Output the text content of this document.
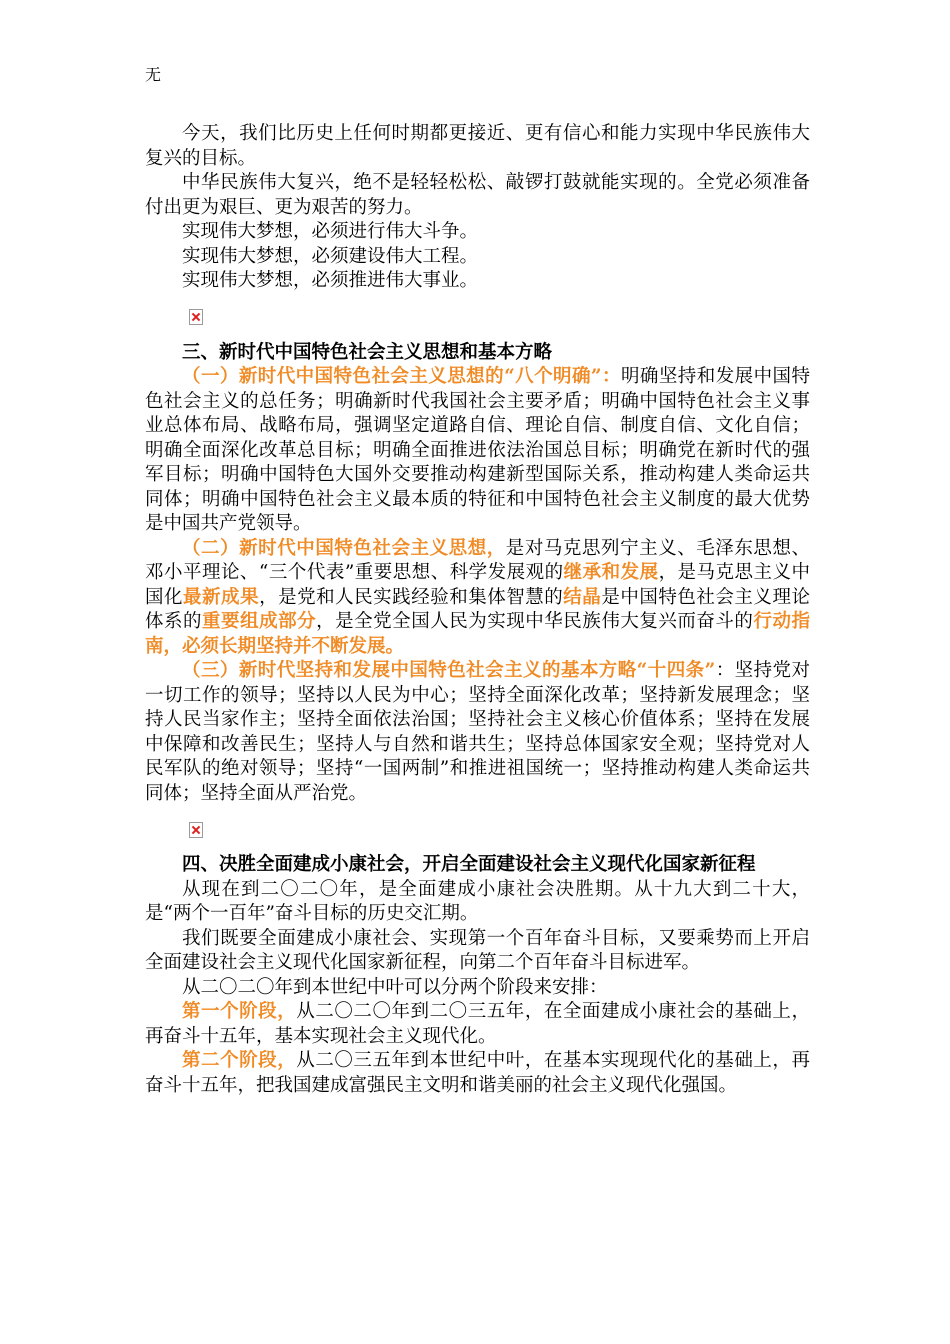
无

今天，我们比历史上任何时期都更接近、更有信心和能力实现中华民族伟大复兴的目标。

中华民族伟大复兴，绝不是轻轻松松、敲锣打鼓就能实现的。全党必须准备付出更为艰巨、更为艰苦的努力。

实现伟大梦想，必须进行伟大斗争。

实现伟大梦想，必须建设伟大工程。

实现伟大梦想，必须推进伟大事业。

三、新时代中国特色社会主义思想和基本方略

（一）新时代中国特色社会主义思想的“八个明确”：明确坚持和发展中国特色社会主义的总任务；明确新时代我国社会主要矛盾；明确中国特色社会主义事业总体布局、战略布局，强调坚定道路自信、理论自信、制度自信、文化自信；明确全面深化改革总目标；明确全面推进依法治国总目标；明确党在新时代的强军目标；明确中国特色大国外交要推动构建新型国际关系，推动构建人类命运共同体；明确中国特色社会主义最本质的特征和中国特色社会主义制度的最大优势是中国共产党领导。

（二）新时代中国特色社会主义思想，是对马克思列宁主义、毛泽东思想、邓小平理论、“三个代表”重要思想、科学发展观的继承和发展，是马克思主义中国化最新成果，是党和人民实践经验和集体智慧的结晶是中国特色社会主义理论体系的重要组成部分，是全党全国人民为实现中华民族伟大复兴而奋斗的行动指南，必须长期坚持并不断发展。

（三）新时代坚持和发展中国特色社会主义的基本方略“十四条”：坚持党对一切工作的领导；坚持以人民为中心；坚持全面深化改革；坚持新发展理念；坚持人民当家作主；坚持全面依法治国；坚持社会主义核心价值体系；坚持在发展中保障和改善民生；坚持人与自然和谐共生；坚持总体国家安全观；坚持党对人民军队的绝对领导；坚持“一国两制”和推进祖国统一；坚持推动构建人类命运共同体；坚持全面从严治党。

四、决胜全面建成小康社会，开启全面建设社会主义现代化国家新征程

从现在到二〇二〇年，是全面建成小康社会决胜期。从十九大到二十大，是“两个一百年”奋斗目标的历史交汇期。

我们既要全面建成小康社会、实现第一个百年奋斗目标，又要乘势而上开启全面建设社会主义现代化国家新征程，向第二个百年奋斗目标进军。

从二〇二〇年到本世纪中叶可以分两个阶段来安排：

第一个阶段，从二〇二〇年到二〇三五年，在全面建成小康社会的基础上，再奋斗十五年，基本实现社会主义现代化。

第二个阶段，从二〇三五年到本世纪中叶，在基本实现现代化的基础上，再奋斗十五年，把我国建成富强民主文明和谐美丽的社会主义现代化强国。
